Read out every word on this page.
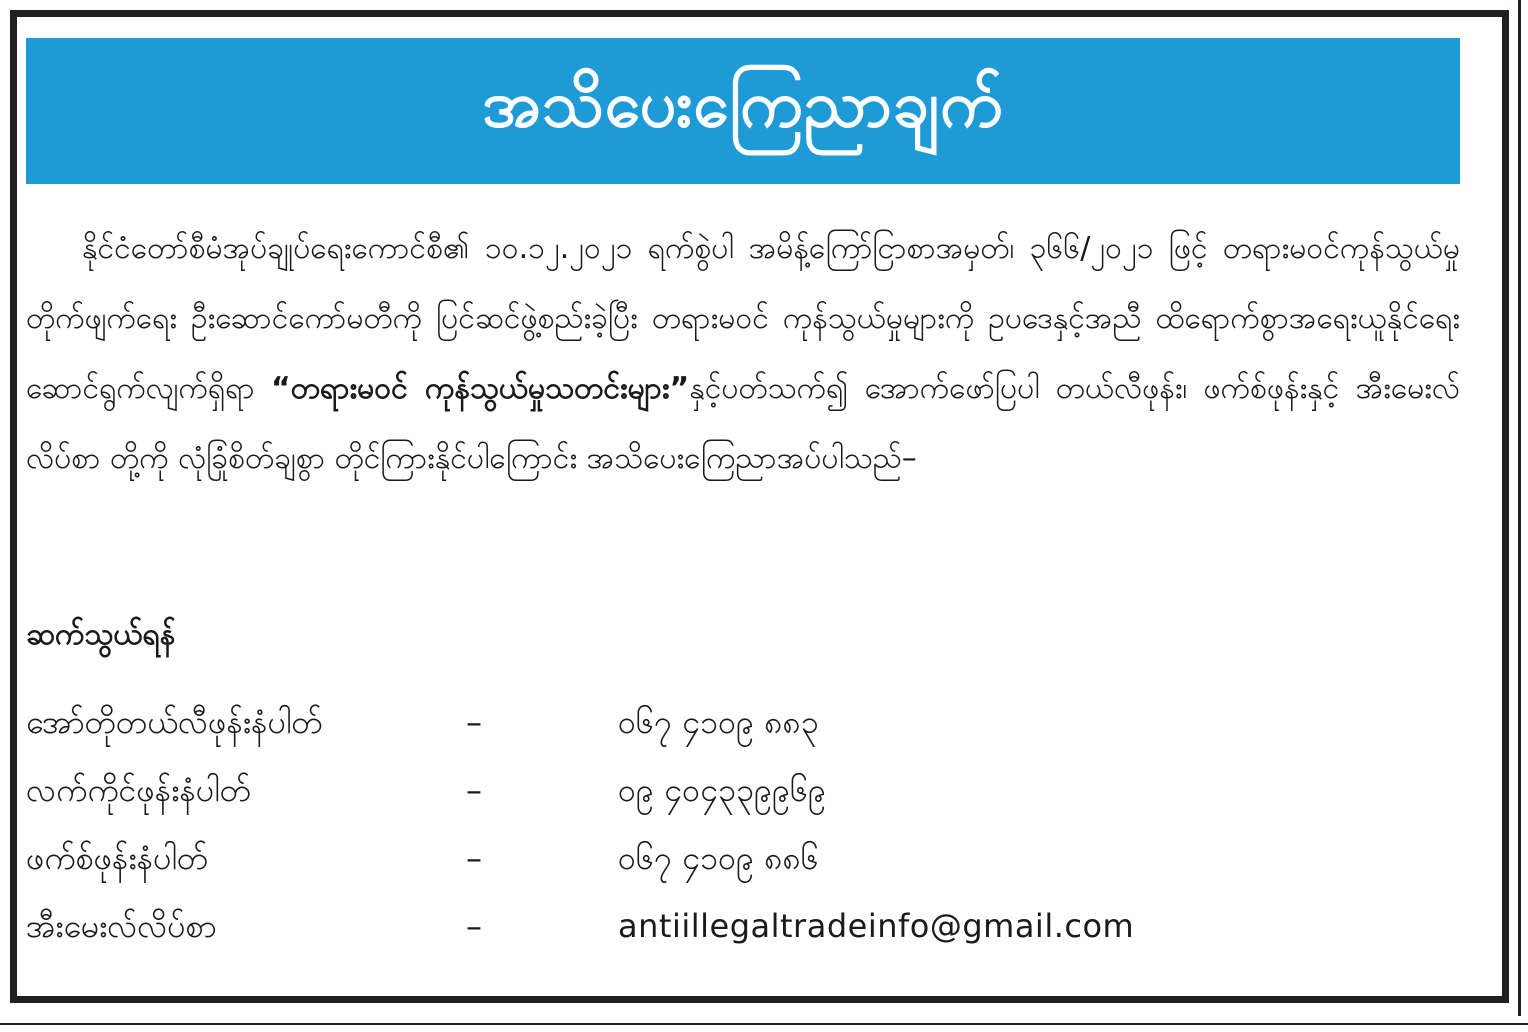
အသိပေးကြေညာချက်
နိုင်ငံတော်စီမံအုပ်ချုပ်ရေးကောင်စီ၏ ၁၀.၁၂.၂၀၂၁ ရက်စွဲပါ အမိန့်ကြော်ငြာစာအမှတ်၊ ၃၆၆/၂၀၂၁ ဖြင့် တရားမဝင်ကုန်သွယ်မှုတိုက်ဖျက်ရေး ဦးဆောင်ကော်မတီကို ပြင်ဆင်ဖွဲ့စည်းခဲ့ပြီး တရားမဝင် ကုန်သွယ်မှုများကို ဥပဒေနှင့်အညီ ထိရောက်စွာအရေးယူနိုင်ရေး ဆောင်ရွက်လျက်ရှိရာ “တရားမဝင် ကုန်သွယ်မှုသတင်းများ”နှင့်ပတ်သက်၍ အောက်ဖော်ပြပါ တယ်လီဖုန်း၊ ဖက်စ်ဖုန်းနှင့် အီးမေးလ်လိပ်စာ တို့ကို လုံခြုံစိတ်ချစွာ တိုင်ကြားနိုင်ပါကြောင်း အသိပေးကြေညာအပ်ပါသည်–
ဆက်သွယ်ရန်
အော်တိုတယ်လီဖုန်းနံပါတ်	–	၀၆၇ ၄၁၀၉ ၈၈၃
လက်ကိုင်ဖုန်းနံပါတ်	–	၀၉ ၄၀၄၃၃၉၉၆၉
ဖက်စ်ဖုန်းနံပါတ်	–	၀၆၇ ၄၁၀၉ ၈၈၆
အီးမေးလ်လိပ်စာ	–	antiillegaltradeinfo@gmail.com
